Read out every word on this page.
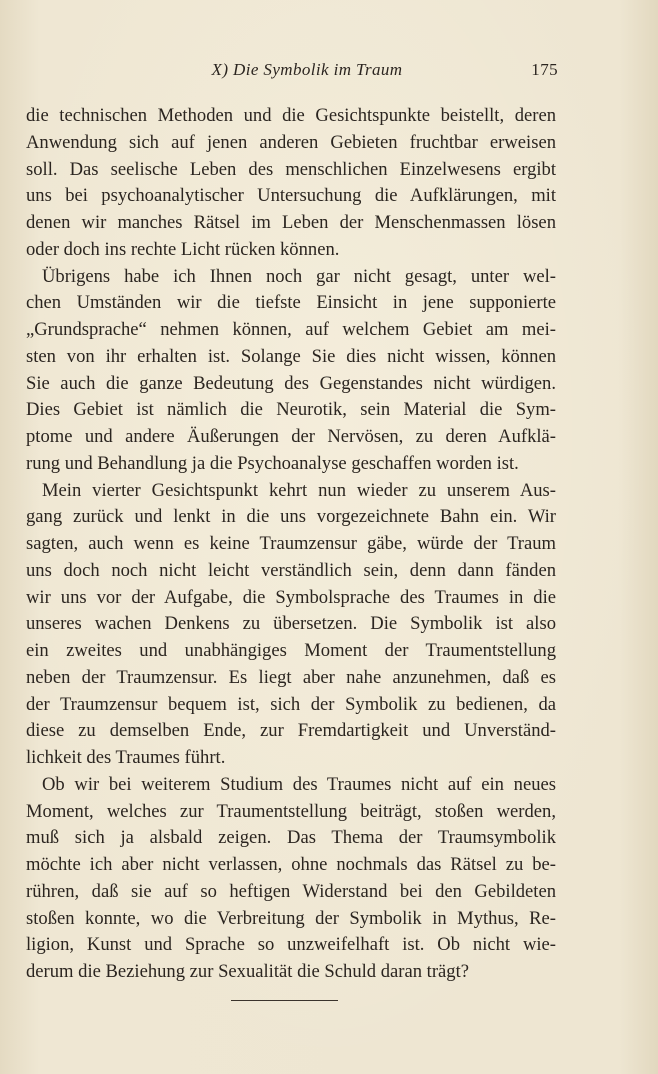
X) Die Symbolik im Traum	175
die technischen Methoden und die Gesichtspunkte beistellt, deren
Anwendung sich auf jenen anderen Gebieten fruchtbar erweisen
soll. Das seelische Leben des menschlichen Einzelwesens ergibt
uns bei psychoanalytischer Untersuchung die Aufklärungen, mit
denen wir manches Rätsel im Leben der Menschenmassen lösen
oder doch ins rechte Licht rücken können.
Übrigens habe ich Ihnen noch gar nicht gesagt, unter wel-
chen Umständen wir die tiefste Einsicht in jene supponierte
„Grundsprache“ nehmen können, auf welchem Gebiet am mei-
sten von ihr erhalten ist. Solange Sie dies nicht wissen, können
Sie auch die ganze Bedeutung des Gegenstandes nicht würdigen.
Dies Gebiet ist nämlich die Neurotik, sein Material die Sym-
ptome und andere Äußerungen der Nervösen, zu deren Aufklä-
rung und Behandlung ja die Psychoanalyse geschaffen worden ist.
Mein vierter Gesichtspunkt kehrt nun wieder zu unserem Aus-
gang zurück und lenkt in die uns vorgezeichnete Bahn ein. Wir
sagten, auch wenn es keine Traumzensur gäbe, würde der Traum
uns doch noch nicht leicht verständlich sein, denn dann fänden
wir uns vor der Aufgabe, die Symbolsprache des Traumes in die
unseres wachen Denkens zu übersetzen. Die Symbolik ist also
ein zweites und unabhängiges Moment der Traumentstellung
neben der Traumzensur. Es liegt aber nahe anzunehmen, daß es
der Traumzensur bequem ist, sich der Symbolik zu bedienen, da
diese zu demselben Ende, zur Fremdartigkeit und Unverständ-
lichkeit des Traumes führt.
Ob wir bei weiterem Studium des Traumes nicht auf ein neues
Moment, welches zur Traumentstellung beiträgt, stoßen werden,
muß sich ja alsbald zeigen. Das Thema der Traumsymbolik
möchte ich aber nicht verlassen, ohne nochmals das Rätsel zu be-
rühren, daß sie auf so heftigen Widerstand bei den Gebildeten
stoßen konnte, wo die Verbreitung der Symbolik in Mythus, Re-
ligion, Kunst und Sprache so unzweifelhaft ist. Ob nicht wie-
derum die Beziehung zur Sexualität die Schuld daran trägt?
